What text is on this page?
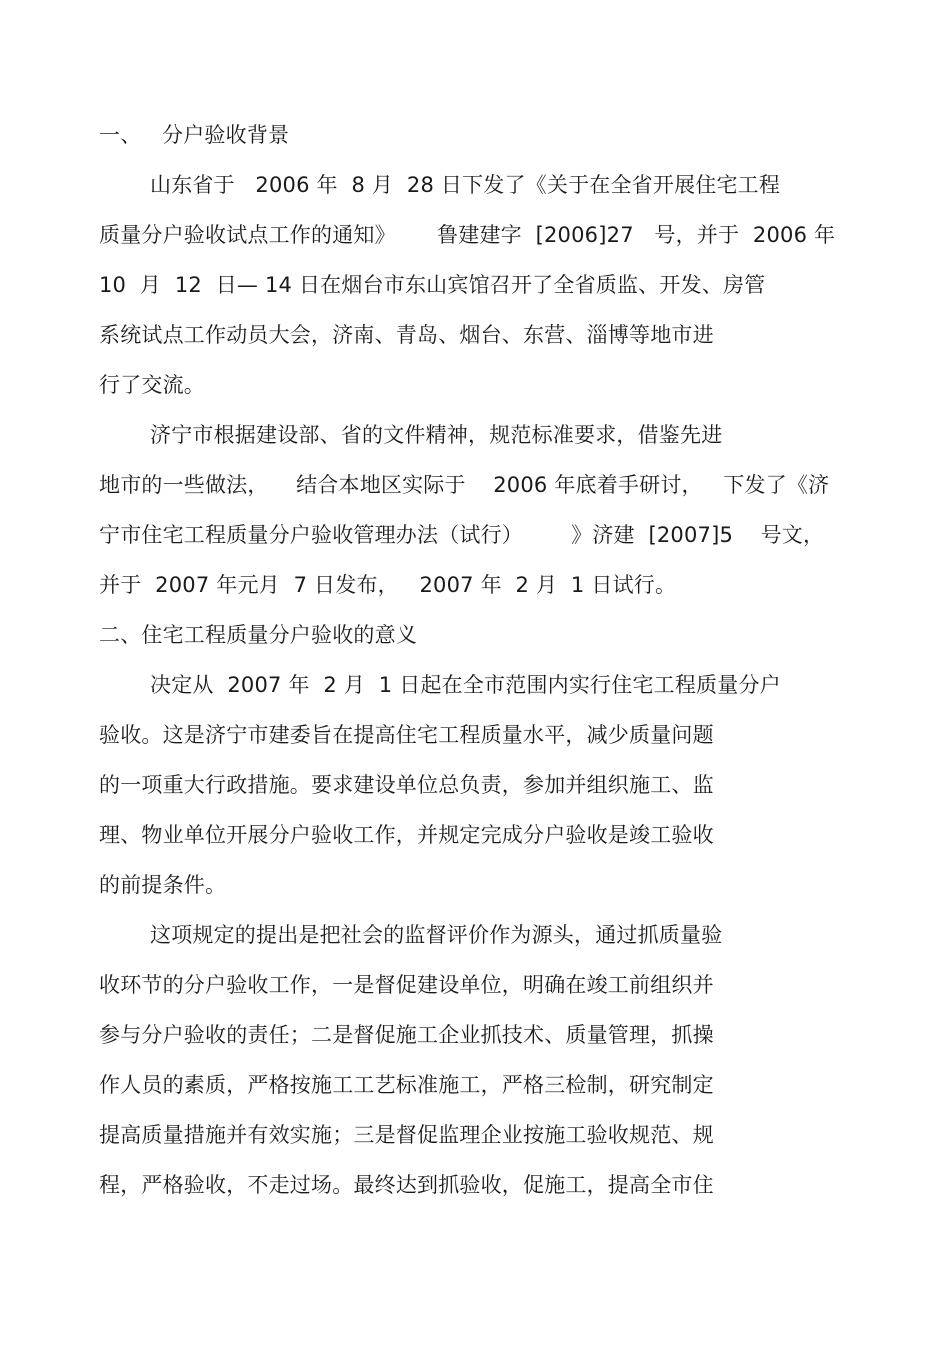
一、   分户验收背景
山东省于   2006 年  8 月  28 日下发了《关于在全省开展住宅工程
质量分户验收试点工作的通知》      鲁建建字  [2006]27   号，并于  2006 年
10  月  12  日— 14 日在烟台市东山宾馆召开了全省质监、开发、房管
系统试点工作动员大会，济南、青岛、烟台、东营、淄博等地市进
行了交流。
济宁市根据建设部、省的文件精神，规范标准要求，借鉴先进
地市的一些做法，    结合本地区实际于    2006 年底着手研讨，   下发了《济
宁市住宅工程质量分户验收管理办法（试行）       》济建  [2007]5    号文，
并于  2007 年元月  7 日发布，   2007 年  2 月  1 日试行。
二、住宅工程质量分户验收的意义
决定从  2007 年  2 月  1 日起在全市范围内实行住宅工程质量分户
验收。这是济宁市建委旨在提高住宅工程质量水平，减少质量问题
的一项重大行政措施。要求建设单位总负责，参加并组织施工、监
理、物业单位开展分户验收工作，并规定完成分户验收是竣工验收
的前提条件。
这项规定的提出是把社会的监督评价作为源头，通过抓质量验
收环节的分户验收工作，一是督促建设单位，明确在竣工前组织并
参与分户验收的责任；二是督促施工企业抓技术、质量管理，抓操
作人员的素质，严格按施工工艺标准施工，严格三检制，研究制定
提高质量措施并有效实施；三是督促监理企业按施工验收规范、规
程，严格验收，不走过场。最终达到抓验收，促施工，提高全市住
